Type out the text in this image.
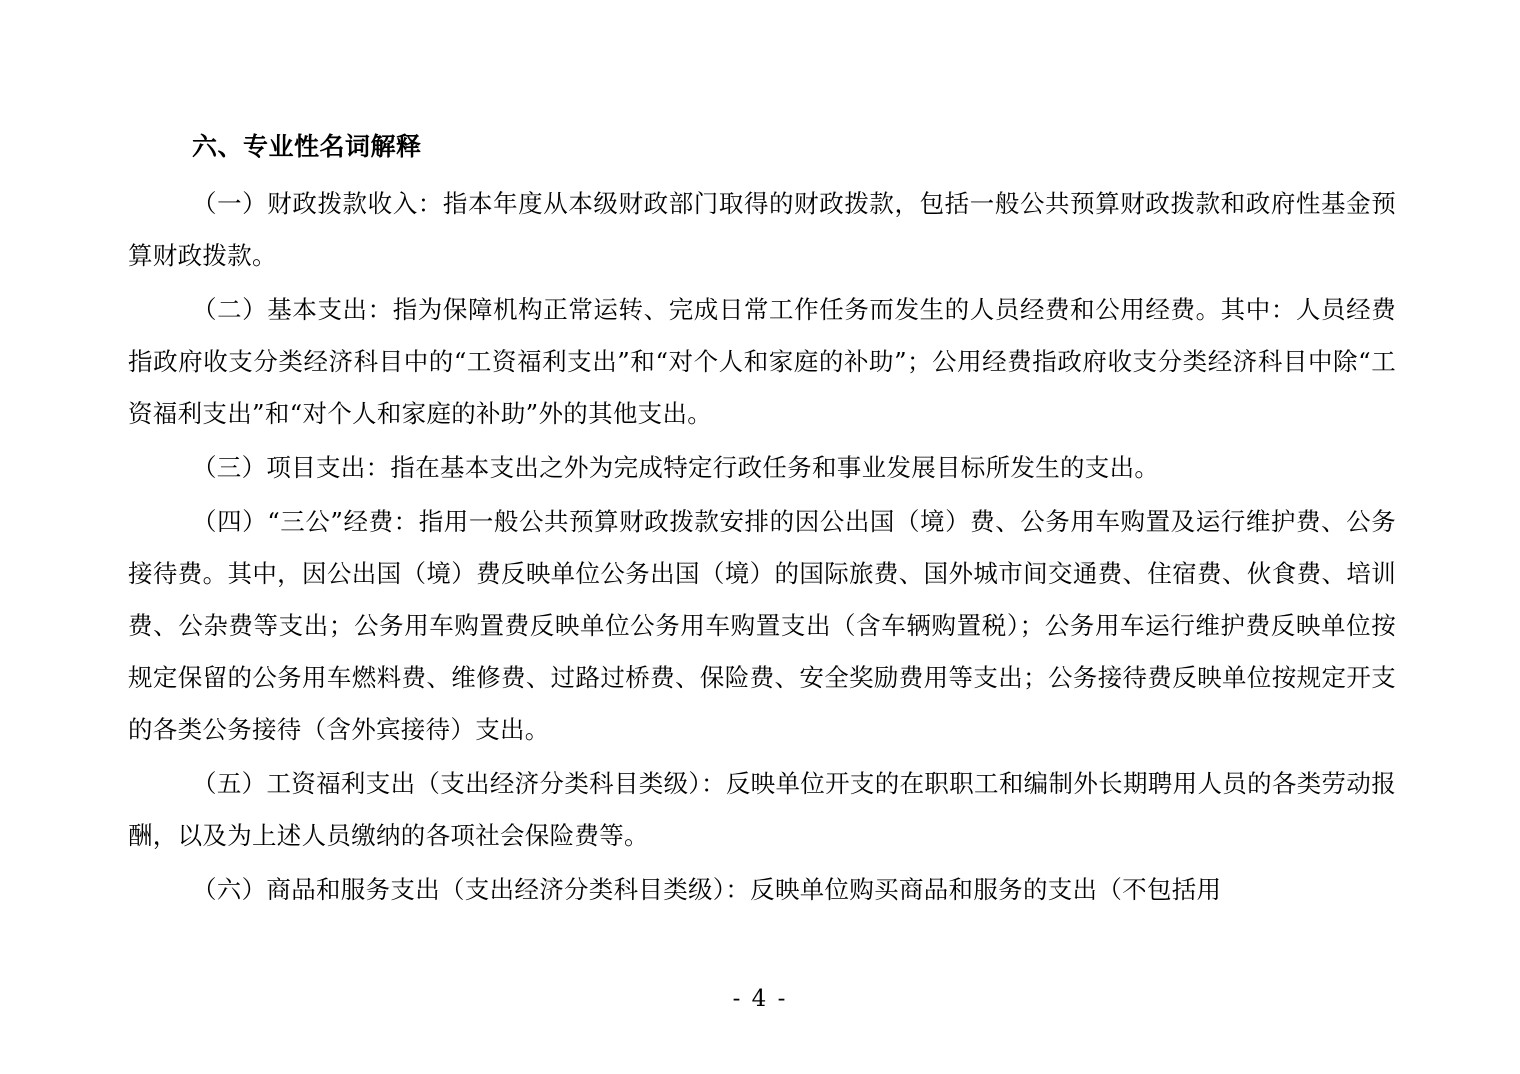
六、专业性名词解释

（一）财政拨款收入：指本年度从本级财政部门取得的财政拨款，包括一般公共预算财政拨款和政府性基金预算财政拨款。

（二）基本支出：指为保障机构正常运转、完成日常工作任务而发生的人员经费和公用经费。其中：人员经费指政府收支分类经济科目中的“工资福利支出”和“对个人和家庭的补助”；公用经费指政府收支分类经济科目中除“工资福利支出”和“对个人和家庭的补助”外的其他支出。

（三）项目支出：指在基本支出之外为完成特定行政任务和事业发展目标所发生的支出。

（四）“三公”经费：指用一般公共预算财政拨款安排的因公出国（境）费、公务用车购置及运行维护费、公务接待费。其中，因公出国（境）费反映单位公务出国（境）的国际旅费、国外城市间交通费、住宿费、伙食费、培训费、公杂费等支出；公务用车购置费反映单位公务用车购置支出（含车辆购置税）；公务用车运行维护费反映单位按规定保留的公务用车燃料费、维修费、过路过桥费、保险费、安全奖励费用等支出；公务接待费反映单位按规定开支的各类公务接待（含外宾接待）支出。

（五）工资福利支出（支出经济分类科目类级）：反映单位开支的在职职工和编制外长期聘用人员的各类劳动报酬，以及为上述人员缴纳的各项社会保险费等。

（六）商品和服务支出（支出经济分类科目类级）：反映单位购买商品和服务的支出（不包括用

- 4 -
